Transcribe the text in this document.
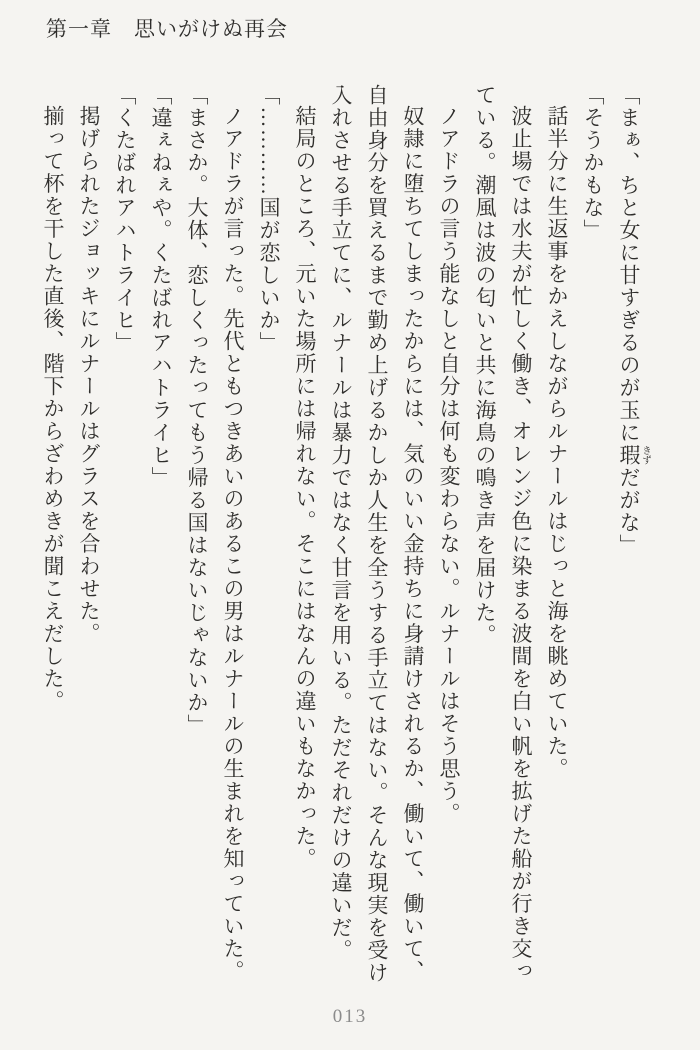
第一章　思いがけぬ再会

「まぁ、ちと女に甘すぎるのが玉に瑕 きずだがな」

「そうかもな」

話半分に生返事をかえしながらルナールはじっと海を眺めていた。

波止場では水夫が忙しく働き、オレンジ色に染まる波間を白い帆を拡げた船が行き交っている。潮風は波の匂いと共に海鳥の鳴き声を届けた。

ノアドラの言う能なしと自分は何も変わらない。ルナールはそう思う。

奴隷に堕ちてしまったからには、気のいい金持ちに身請けされるか、働いて、働いて、自由身分を買えるまで勤め上げるかしか人生を全うする手立てはない。そんな現実を受け入れさせる手立てに、ルナールは暴力ではなく甘言を用いる。ただそれだけの違いだ。

結局のところ、元いた場所には帰れない。そこにはなんの違いもなかった。

「…………国が恋しいか」

ノアドラが言った。先代ともつきあいのあるこの男はルナールの生まれを知っていた。

「まさか。大体、恋しくったってもう帰る国はないじゃないか」

「違ぇねぇや。くたばれアハトライヒ」

「くたばれアハトライヒ」

掲げられたジョッキにルナールはグラスを合わせた。

揃って杯を干した直後、階下からざわめきが聞こえだした。

013
